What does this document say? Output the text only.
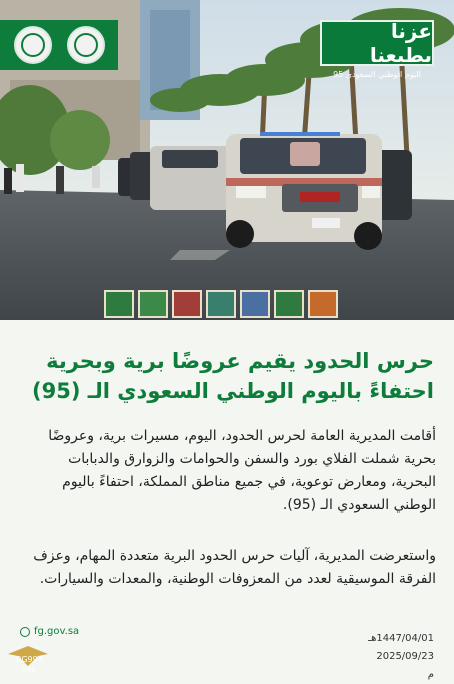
عزنا بطبعنا
اليوم الوطني السعودي 95
حرس الحدود يقيم عروضًا برية وبحرية احتفاءً باليوم الوطني السعودي الـ (95)
أقامت المديرية العامة لحرس الحدود، اليوم، مسيرات برية، وعروضًا بحرية شملت الفلاي بورد والسفن والحوامات والزوارق والدبابات البحرية، ومعارض توعوية، في جميع مناطق المملكة، احتفاءً باليوم الوطني السعودي الـ (95).
واستعرضت المديرية، آليات حرس الحدود البرية متعددة المهام، وعزف الفرقة الموسيقية لعدد من المعزوفات الوطنية، والمعدات والسيارات.
fg.gov.sa
BG994
994
1447/04/01هـ
2025/09/23 م
